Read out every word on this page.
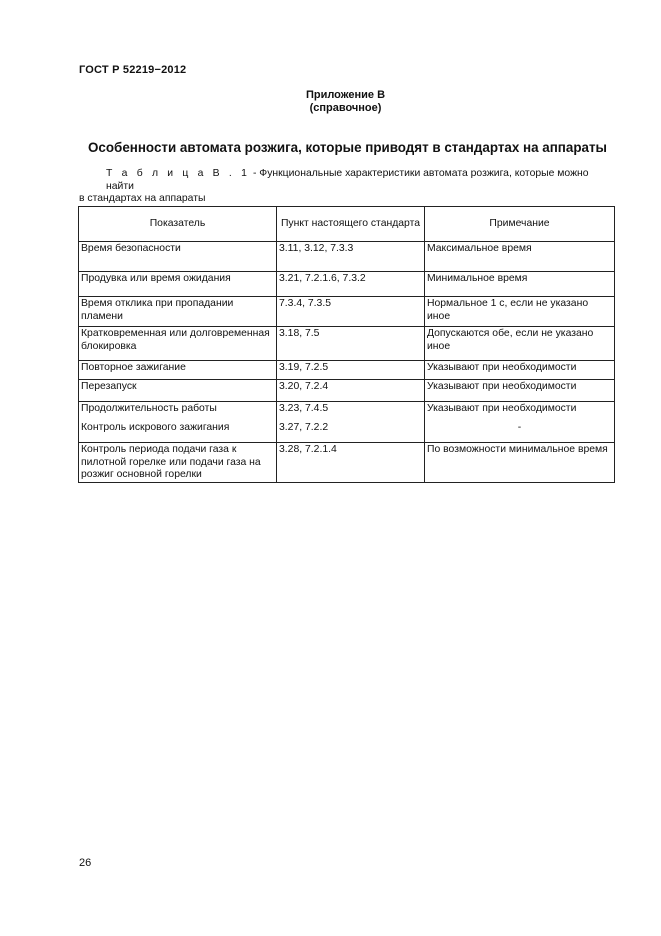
ГОСТ Р 52219−2012
Приложение В
(справочное)
Особенности автомата розжига, которые приводят в стандартах на аппараты
Т а б л и ц а В . 1 - Функциональные характеристики автомата розжига, которые можно найти
в стандартах на аппараты
Показатель	Пункт настоящего стандарта	Примечание
Время безопасности	3.11, 3.12, 7.3.3	Максимальное время
Продувка или время ожидания	3.21, 7.2.1.6, 7.3.2	Минимальное время
Время отклика при пропадании пламени	7.3.4, 7.3.5	Нормальное 1 с, если не указано иное
Кратковременная или долговременная блокировка	3.18, 7.5	Допускаются обе, если не указано иное
Повторное зажигание	3.19, 7.2.5	Указывают при необходимости
Перезапуск	3.20, 7.2.4	Указывают при необходимости
Продолжительность работы	3.23, 7.4.5	Указывают при необходимости
Контроль искрового зажигания	3.27, 7.2.2	-
Контроль периода подачи газа к пилотной горелке или подачи газа на розжиг основной горелки	3.28, 7.2.1.4	По возможности минимальное время
26
